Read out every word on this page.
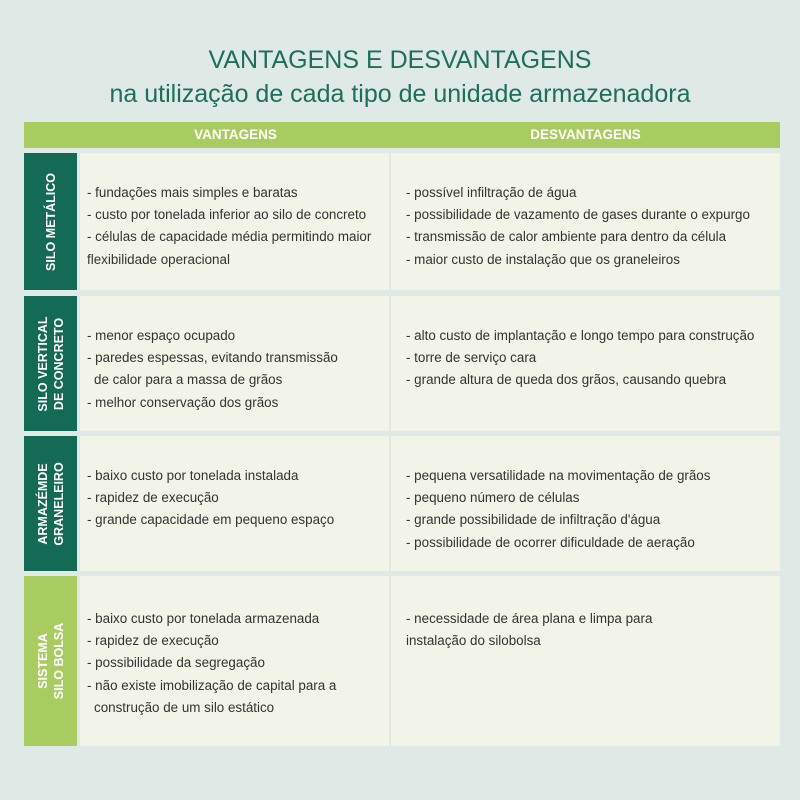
VANTAGENS E DESVANTAGENS
na utilização de cada tipo de unidade armazenadora
VANTAGENS	DESVANTAGENS
SILO METÁLICO - fundações mais simples e baratas
- custo por tonelada inferior ao silo de concreto
- células de capacidade média permitindo maior
flexibilidade operacional
- possível infiltração de água
- possibilidade de vazamento de gases durante o expurgo
- transmissão de calor ambiente para dentro da célula
- maior custo de instalação que os graneleiros
SILO VERTICAL DE CONCRETO - menor espaço ocupado
- paredes espessas, evitando transmissão
de calor para a massa de grãos
- melhor conservação dos grãos
- alto custo de implantação e longo tempo para construção
- torre de serviço cara
- grande altura de queda dos grãos, causando quebra
ARMAZÉMDE GRANELEIRO - baixo custo por tonelada instalada
- rapidez de execução
- grande capacidade em pequeno espaço
- pequena versatilidade na movimentação de grãos
- pequeno número de células
- grande possibilidade de infiltração d'água
- possibilidade de ocorrer dificuldade de aeração
SISTEMA SILO BOLSA
- baixo custo por tonelada armazenada
- rapidez de execução
- possibilidade da segregação
- não existe imobilização de capital para a
construção de um silo estático
- necessidade de área plana e limpa para
instalação do silobolsa
